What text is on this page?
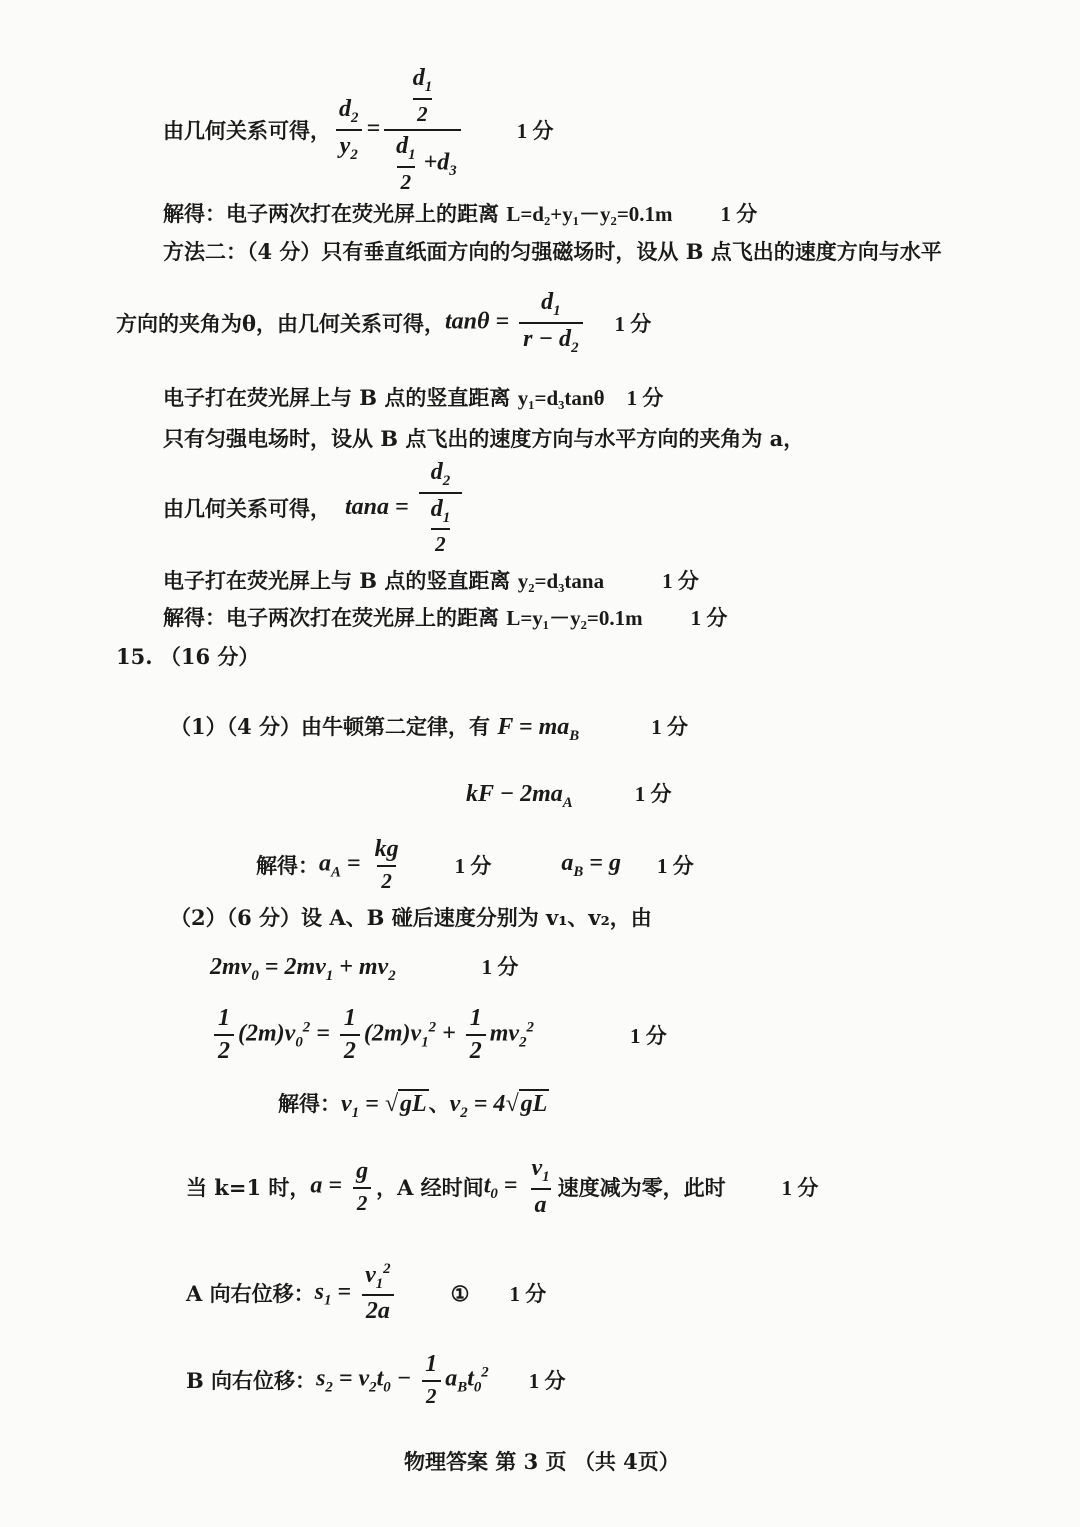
由几何关系可得， $\frac{d_2}{y_2} = \frac{\frac{d_1}{2}}{\frac{d_1}{2} +d_3}$	1 分
解得：电子两次打在荧光屏上的距离 L=d₂+y₁－y₂=0.1m 1 分
方法二：（4 分）只有垂直纸面方向的匀强磁场时，设从 B 点飞出的速度方向与水平
方向的夹角为θ，由几何关系可得， $\tan\theta = \frac{d_1}{r - d_2} 1$ 分
电子打在荧光屏上与 B 点的竖直距离 y₁=d₃tanθ 1 分
只有匀强电场时，设从 B 点飞出的速度方向与水平方向的夹角为 a，
由几何关系可得， $\tan a = \frac{d_2}{\frac{d_1}{2}}$
电子打在荧光屏上与 B 点的竖直距离 y₂=d₃tana	1 分
解得：电子两次打在荧光屏上的距离 L=y₁－y₂=0.1m 1 分
15. （16 分）
（1）（4 分）由牛顿第二定律，有 $F = ma_B$	1 分
kF − $2ma_A$	1 分
解得： $a_A = \frac{kg}{2} 1$ 分	$a_B = g$ 1 分
（2）（6 分）设 A、B 碰后速度分别为 v₁、v₂，由
$2mv_0 = 2mv_1 + mv_2$	1 分
$\frac{1}{2} (2m)v_0^2 = \frac{1}{2} (2m)v_1^2 + \frac{1}{2} mv_2^2$	1 分
解得：$v_1 = √gL$、$v_2 = 4√gL$
当 k=1 时， $a = \frac{g}{2}$ ，A 经时间 $t_0 = \frac{v_1}{a}$ 速度减为零，此时	1 分
A 向右位移： $s_1 = \frac{v_1^2}{2a}$	① 1 分
B 向右位移： $s_2 = v_2t_0 - \frac{1}{2} a_Bt_0^2$ 1 分
物理答案 第 3 页 （共 4页）
